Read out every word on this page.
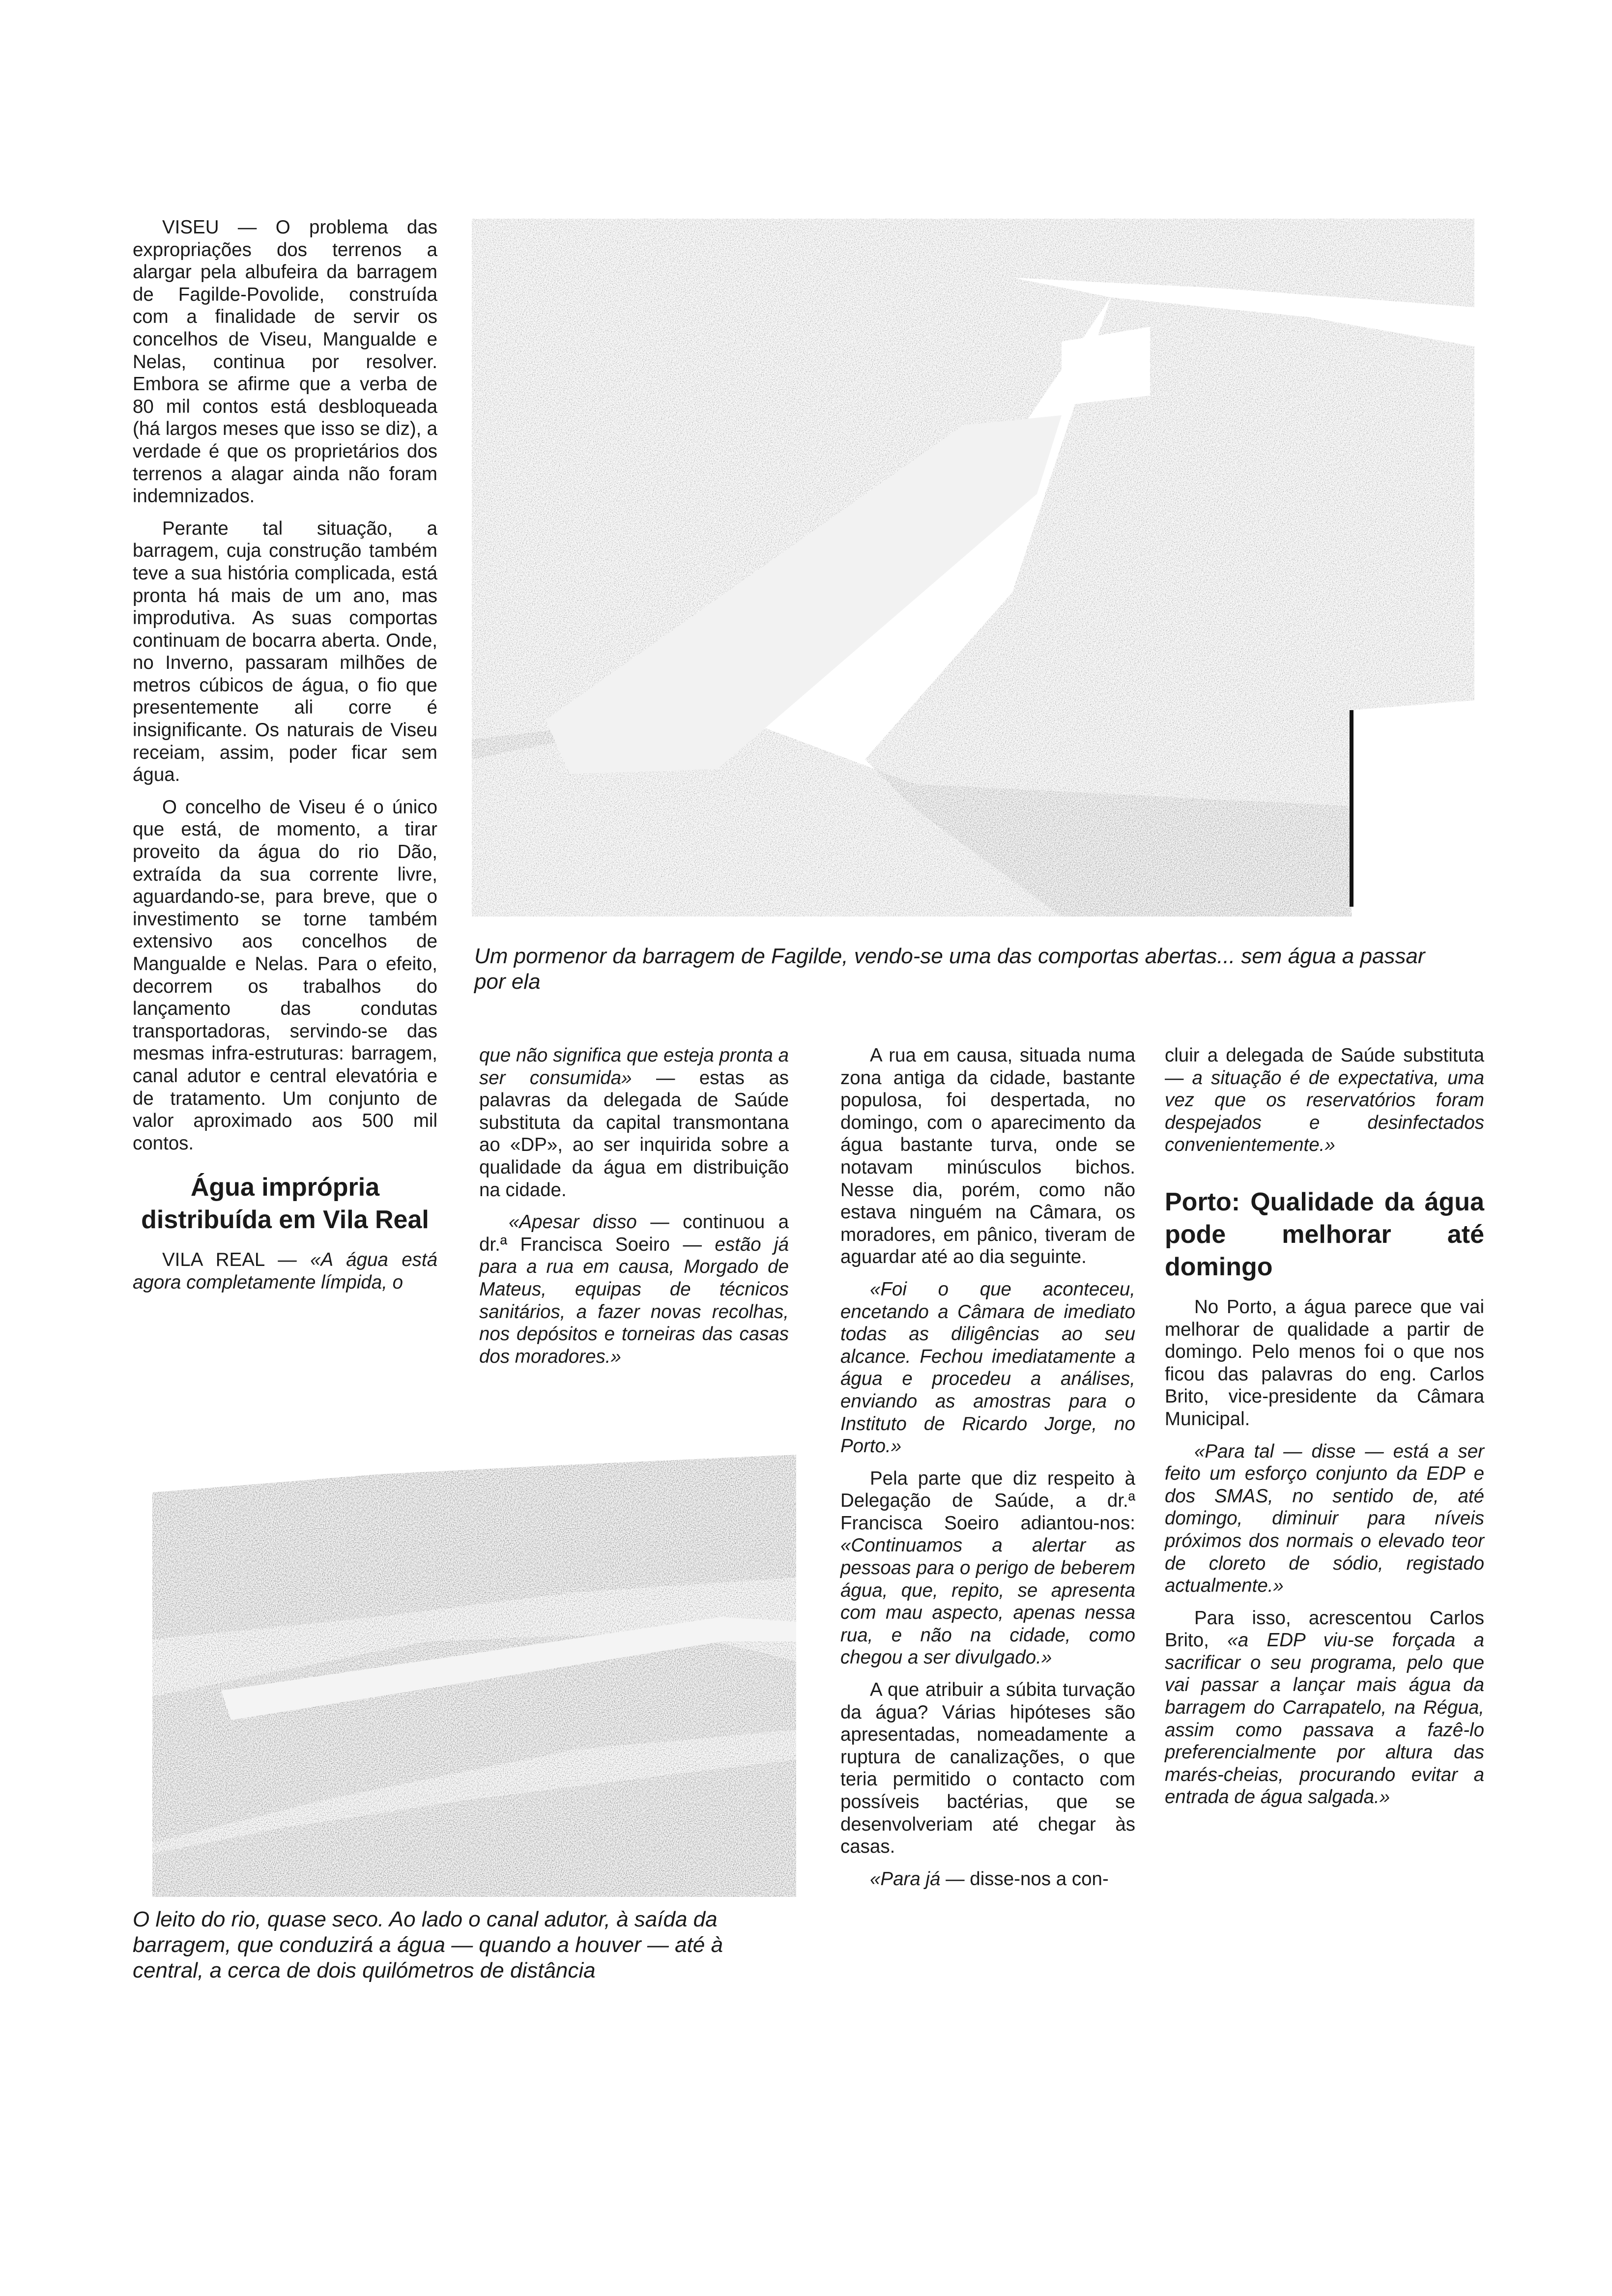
VISEU — O problema das expropriações dos terrenos a alargar pela albufeira da barragem de Fagilde-Povolide, construída com a finalidade de servir os concelhos de Viseu, Mangualde e Nelas, continua por resolver. Embora se afirme que a verba de 80 mil contos está desbloqueada (há largos meses que isso se diz), a verdade é que os proprietários dos terrenos a alagar ainda não foram indemnizados.

Perante tal situação, a barragem, cuja construção também teve a sua história complicada, está pronta há mais de um ano, mas improdutiva. As suas comportas continuam de bocarra aberta. Onde, no Inverno, passaram milhões de metros cúbicos de água, o fio que presentemente ali corre é insignificante. Os naturais de Viseu receiam, assim, poder ficar sem água.

O concelho de Viseu é o único que está, de momento, a tirar proveito da água do rio Dão, extraída da sua corrente livre, aguardando-se, para breve, que o investimento se torne também extensivo aos concelhos de Mangualde e Nelas. Para o efeito, decorrem os trabalhos do lançamento das condutas transportadoras, servindo-se das mesmas infra-estruturas: barragem, canal adutor e central elevatória e de tratamento. Um conjunto de valor aproximado aos 500 mil contos.

Água imprópria distribuída em Vila Real

VILA REAL — «A água está agora completamente límpida, o

Um pormenor da barragem de Fagilde, vendo-se uma das comportas abertas... sem água a passar por ela

que não significa que esteja pronta a ser consumida» — estas as palavras da delegada de Saúde substituta da capital transmontana ao «DP», ao ser inquirida sobre a qualidade da água em distribuição na cidade.

«Apesar disso — continuou a dr.ª Francisca Soeiro — estão já para a rua em causa, Morgado de Mateus, equipas de técnicos sanitários, a fazer novas recolhas, nos depósitos e torneiras das casas dos moradores.»

A rua em causa, situada numa zona antiga da cidade, bastante populosa, foi despertada, no domingo, com o aparecimento da água bastante turva, onde se notavam minúsculos bichos. Nesse dia, porém, como não estava ninguém na Câmara, os moradores, em pânico, tiveram de aguardar até ao dia seguinte.

«Foi o que aconteceu, encetando a Câmara de imediato todas as diligências ao seu alcance. Fechou imediatamente a água e procedeu a análises, enviando as amostras para o Instituto de Ricardo Jorge, no Porto.»

Pela parte que diz respeito à Delegação de Saúde, a dr.ª Francisca Soeiro adiantou-nos: «Continuamos a alertar as pessoas para o perigo de beberem água, que, repito, se apresenta com mau aspecto, apenas nessa rua, e não na cidade, como chegou a ser divulgado.»

A que atribuir a súbita turvação da água? Várias hipóteses são apresentadas, nomeadamente a ruptura de canalizações, o que teria permitido o contacto com possíveis bactérias, que se desenvolveriam até chegar às casas.

«Para já — disse-nos a con-

cluir a delegada de Saúde substituta — a situação é de expectativa, uma vez que os reservatórios foram despejados e desinfectados convenientemente.»

Porto: Qualidade da água pode melhorar até domingo

No Porto, a água parece que vai melhorar de qualidade a partir de domingo. Pelo menos foi o que nos ficou das palavras do eng. Carlos Brito, vice-presidente da Câmara Municipal.

«Para tal — disse — está a ser feito um esforço conjunto da EDP e dos SMAS, no sentido de, até domingo, diminuir para níveis próximos dos normais o elevado teor de cloreto de sódio, registado actualmente.»

Para isso, acrescentou Carlos Brito, «a EDP viu-se forçada a sacrificar o seu programa, pelo que vai passar a lançar mais água da barragem do Carrapatelo, na Régua, assim como passava a fazê-lo preferencialmente por altura das marés-cheias, procurando evitar a entrada de água salgada.»

O leito do rio, quase seco. Ao lado o canal adutor, à saída da barragem, que conduzirá a água — quando a houver — até à central, a cerca de dois quilómetros de distância
